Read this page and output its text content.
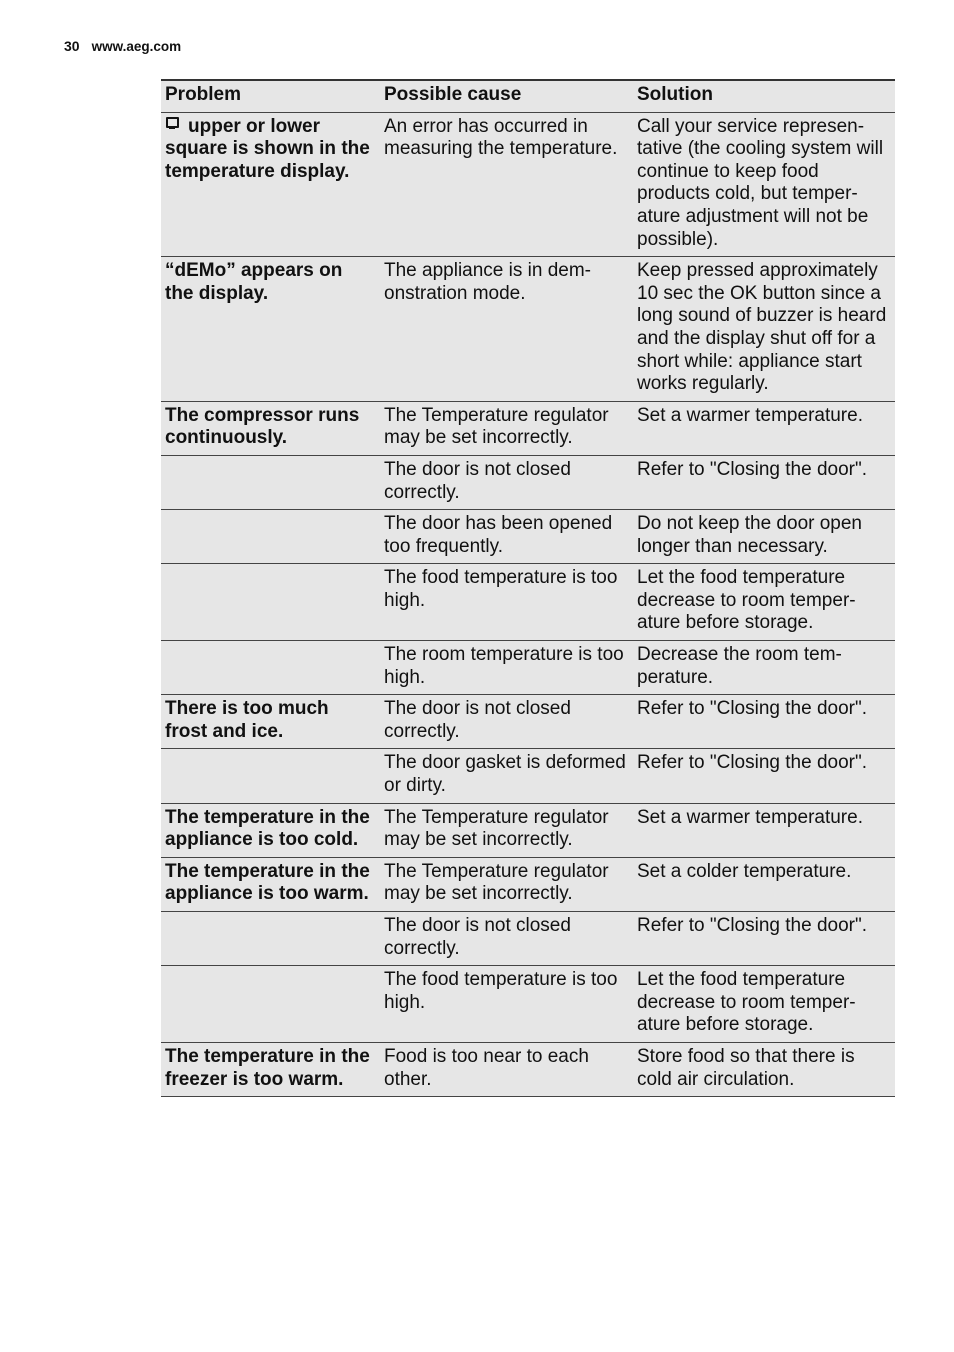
30 www.aeg.com
Problem	Possible cause	Solution
upper or lower square is shown in the temperature display.	An error has occurred in measuring the temperature.	Call your service representative (the cooling system will continue to keep food products cold, but temperature adjustment will not be possible).
“dEMo” appears on the display.	The appliance is in demonstration mode.	Keep pressed approximately 10 sec the OK button since a long sound of buzzer is heard and the display shut off for a short while: appliance start works regularly.
The compressor runs continuously.	The Temperature regulator may be set incorrectly.	Set a warmer temperature.
	The door is not closed correctly.	Refer to "Closing the door".
	The door has been opened too frequently.	Do not keep the door open longer than necessary.
	The food temperature is too high.	Let the food temperature decrease to room temperature before storage.
	The room temperature is too high.	Decrease the room temperature.
There is too much frost and ice.	The door is not closed correctly.	Refer to "Closing the door".
	The door gasket is deformed or dirty.	Refer to "Closing the door".
The temperature in the appliance is too cold.	The Temperature regulator may be set incorrectly.	Set a warmer temperature.
The temperature in the appliance is too warm.	The Temperature regulator may be set incorrectly.	Set a colder temperature.
	The door is not closed correctly.	Refer to "Closing the door".
	The food temperature is too high.	Let the food temperature decrease to room temperature before storage.
The temperature in the freezer is too warm.	Food is too near to each other.	Store food so that there is cold air circulation.
